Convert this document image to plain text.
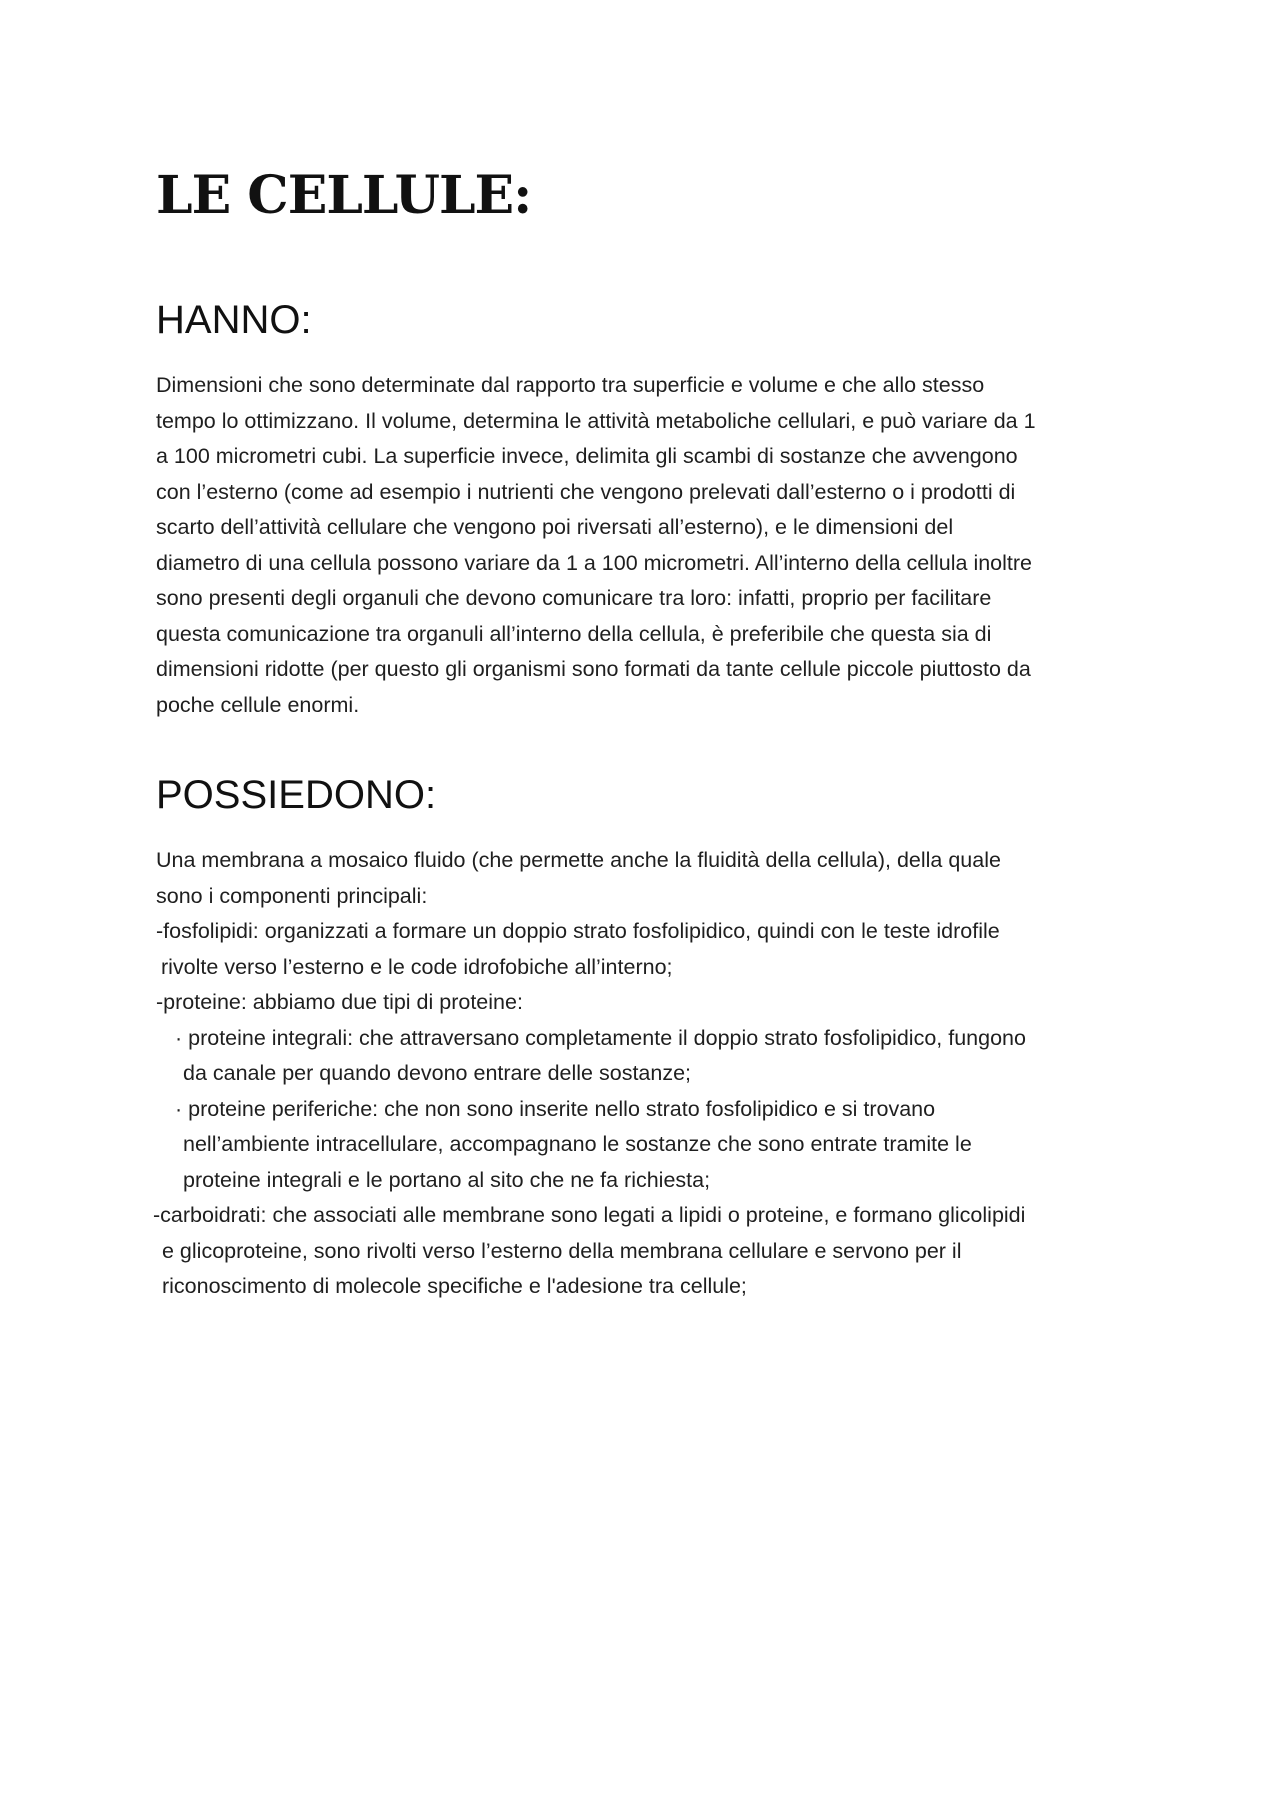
LE CELLULE:
HANNO:

Dimensioni che sono determinate dal rapporto tra superficie e volume e che allo stesso
tempo lo ottimizzano. Il volume, determina le attività metaboliche cellulari, e può variare da 1
a 100 micrometri cubi. La superficie invece, delimita gli scambi di sostanze che avvengono
con l’esterno (come ad esempio i nutrienti che vengono prelevati dall’esterno o i prodotti di
scarto dell’attività cellulare che vengono poi riversati all’esterno), e le dimensioni del
diametro di una cellula possono variare da 1 a 100 micrometri. All’interno della cellula inoltre
sono presenti degli organuli che devono comunicare tra loro: infatti, proprio per facilitare
questa comunicazione tra organuli all’interno della cellula, è preferibile che questa sia di
dimensioni ridotte (per questo gli organismi sono formati da tante cellule piccole piuttosto da
poche cellule enormi.

POSSIEDONO:

Una membrana a mosaico fluido (che permette anche la fluidità della cellula), della quale
sono i componenti principali:
-fosfolipidi: organizzati a formare un doppio strato fosfolipidico, quindi con le teste idrofile
rivolte verso l’esterno e le code idrofobiche all’interno;
-proteine: abbiamo due tipi di proteine:
· proteine integrali: che attraversano completamente il doppio strato fosfolipidico, fungono
da canale per quando devono entrare delle sostanze;
· proteine periferiche: che non sono inserite nello strato fosfolipidico e si trovano
nell’ambiente intracellulare, accompagnano le sostanze che sono entrate tramite le
proteine integrali e le portano al sito che ne fa richiesta;
-carboidrati: che associati alle membrane sono legati a lipidi o proteine, e formano glicolipidi
e glicoproteine, sono rivolti verso l’esterno della membrana cellulare e servono per il
riconoscimento di molecole specifiche e l'adesione tra cellule;
